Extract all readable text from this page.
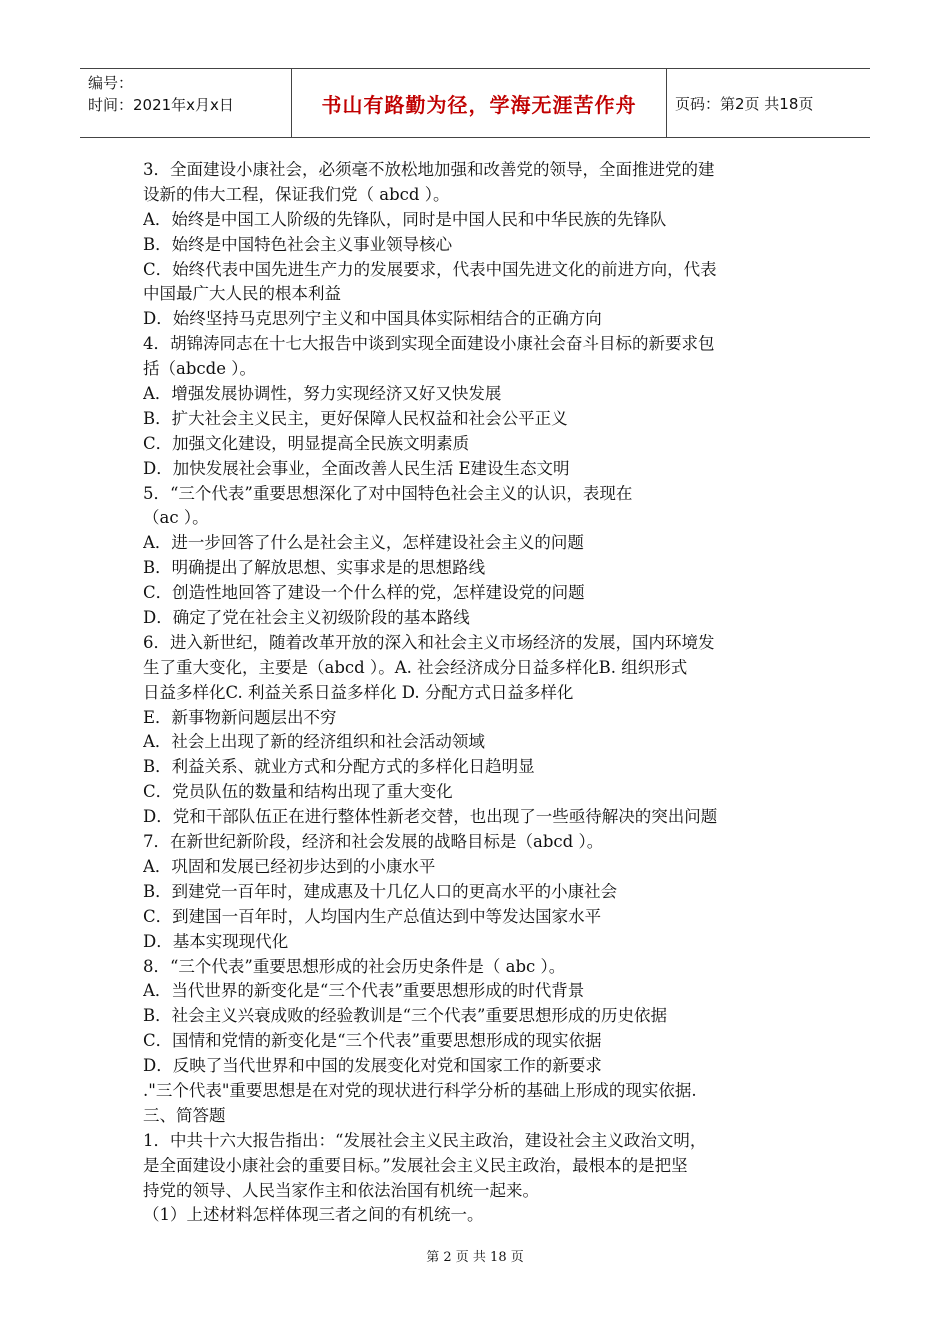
编号：
时间：2021年x月x日	书山有路勤为径，学海无涯苦作舟	页码：第2页 共18页
3．全面建设小康社会，必须毫不放松地加强和改善党的领导，全面推进党的建
设新的伟大工程，保证我们党（ abcd ）。
A．始终是中国工人阶级的先锋队，同时是中国人民和中华民族的先锋队
B．始终是中国特色社会主义事业领导核心
C．始终代表中国先进生产力的发展要求，代表中国先进文化的前进方向，代表
中国最广大人民的根本利益
D．始终坚持马克思列宁主义和中国具体实际相结合的正确方向
4．胡锦涛同志在十七大报告中谈到实现全面建设小康社会奋斗目标的新要求包
括（abcde ）。
A．增强发展协调性，努力实现经济又好又快发展
B．扩大社会主义民主，更好保障人民权益和社会公平正义
C．加强文化建设，明显提高全民族文明素质
D．加快发展社会事业，全面改善人民生活 E建设生态文明
5．“三个代表”重要思想深化了对中国特色社会主义的认识，表现在
（ac ）。
A．进一步回答了什么是社会主义，怎样建设社会主义的问题
B．明确提出了解放思想、实事求是的思想路线
C．创造性地回答了建设一个什么样的党，怎样建设党的问题
D．确定了党在社会主义初级阶段的基本路线
6．进入新世纪，随着改革开放的深入和社会主义市场经济的发展，国内环境发
生了重大变化，主要是（abcd ）。A. 社会经济成分日益多样化B. 组织形式
日益多样化C. 利益关系日益多样化 D. 分配方式日益多样化
E．新事物新问题层出不穷
A．社会上出现了新的经济组织和社会活动领域
B．利益关系、就业方式和分配方式的多样化日趋明显
C．党员队伍的数量和结构出现了重大变化
D．党和干部队伍正在进行整体性新老交替，也出现了一些亟待解决的突出问题
7．在新世纪新阶段，经济和社会发展的战略目标是（abcd ）。
A．巩固和发展已经初步达到的小康水平
B．到建党一百年时，建成惠及十几亿人口的更高水平的小康社会
C．到建国一百年时，人均国内生产总值达到中等发达国家水平
D．基本实现现代化
8．“三个代表”重要思想形成的社会历史条件是（ abc ）。
A．当代世界的新变化是“三个代表”重要思想形成的时代背景
B．社会主义兴衰成败的经验教训是“三个代表”重要思想形成的历史依据
C．国情和党情的新变化是“三个代表”重要思想形成的现实依据
D．反映了当代世界和中国的发展变化对党和国家工作的新要求
."三个代表"重要思想是在对党的现状进行科学分析的基础上形成的现实依据.
三、简答题
1．中共十六大报告指出：“发展社会主义民主政治，建设社会主义政治文明，
是全面建设小康社会的重要目标。”发展社会主义民主政治，最根本的是把坚
持党的领导、人民当家作主和依法治国有机统一起来。
（1）上述材料怎样体现三者之间的有机统一。
第 2 页 共 18 页
